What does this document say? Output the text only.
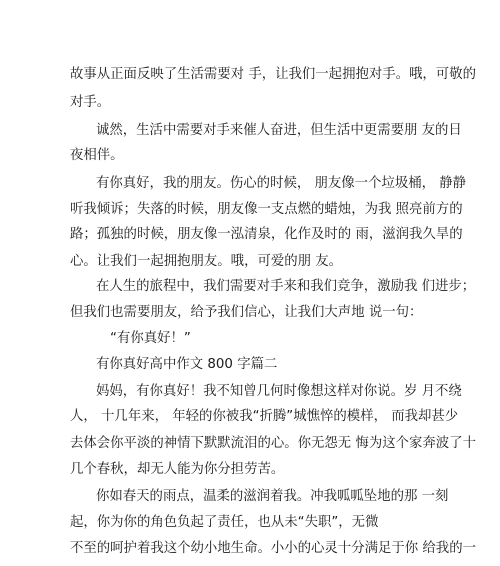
故事从正面反映了生活需要对 手，让我们一起拥抱对手。哦，可敬的
对手。
诚然，生活中需要对手来催人奋进，但生活中更需要朋 友的日
夜相伴。
有你真好，我的朋友。伤心的时候， 朋友像一个垃圾桶， 静静
听我倾诉；失落的时候，朋友像一支点燃的蜡烛，为我 照亮前方的
路；孤独的时候，朋友像一泓清泉，化作及时的 雨，滋润我久旱的
心。让我们一起拥抱朋友。哦，可爱的朋 友。
在人生的旅程中，我们需要对手来和我们竞争，激励我 们进步；
但我们也需要朋友，给予我们信心，让我们大声地 说一句：
“有你真好！”
有你真好高中作文 800 字篇二
妈妈，有你真好！我不知曾几何时像想这样对你说。岁 月不绕
人， 十几年来， 年轻的你被我“折腾”城憔悴的模样， 而我却甚少
去体会你平淡的神情下默默流泪的心。你无怨无 悔为这个家奔波了十
几个春秋，却无人能为你分担劳苦。
你如春天的雨点，温柔的滋润着我。冲我呱呱坠地的那 一刻
起，你为你的角色负起了责任，也从未“失职”，无微
不至的呵护着我这个幼小地生命。小小的心灵十分满足于你 给我的一
